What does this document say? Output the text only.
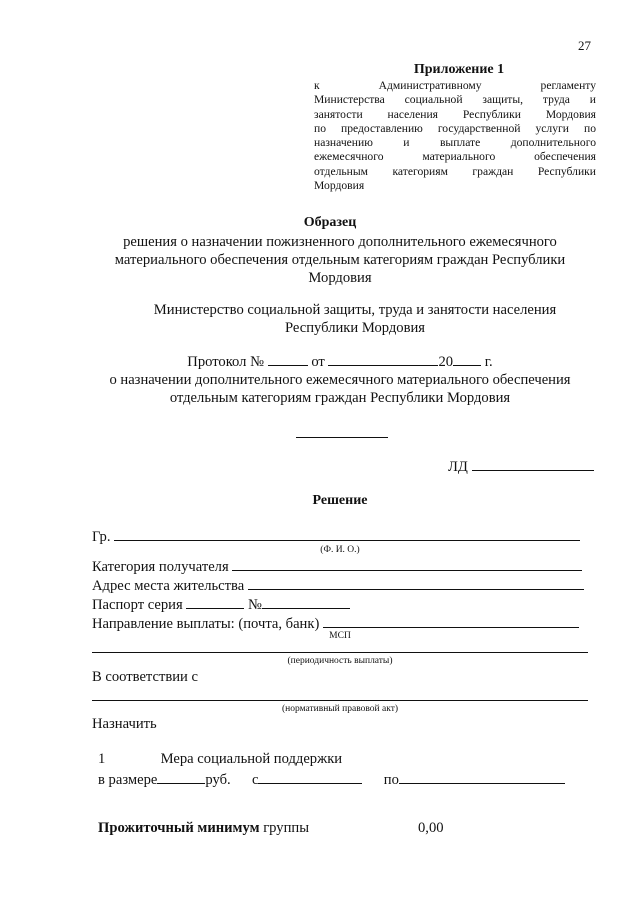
27
Приложение 1
к Административному регламенту
Министерства социальной защиты, труда и
занятости населения Республики Мордовия
по предоставлению государственной услуги по
назначению и выплате дополнительного
ежемесячного материального обеспечения
отдельным категориям граждан Республики
Мордовия
Образец
решения о назначении пожизненного дополнительного ежемесячного
материального обеспечения отдельным категориям граждан Республики
Мордовия
Министерство социальной защиты, труда и занятости населения
Республики Мордовия
Протокол №	от	20 г.
о назначении дополнительного ежемесячного материального обеспечения
отдельным категориям граждан Республики Мордовия
ЛД
Решение
Гр.
(Ф. И. О.)
Категория получателя
Адрес места жительства
Паспорт серия	№
Направление выплаты: (почта, банк)
МСП
(периодичность выплаты)
В соответствии с
(нормативный правовой акт)
Назначить
1	Мера социальной поддержки
в размере	руб. с	по
Прожиточный минимум группы	0,00
